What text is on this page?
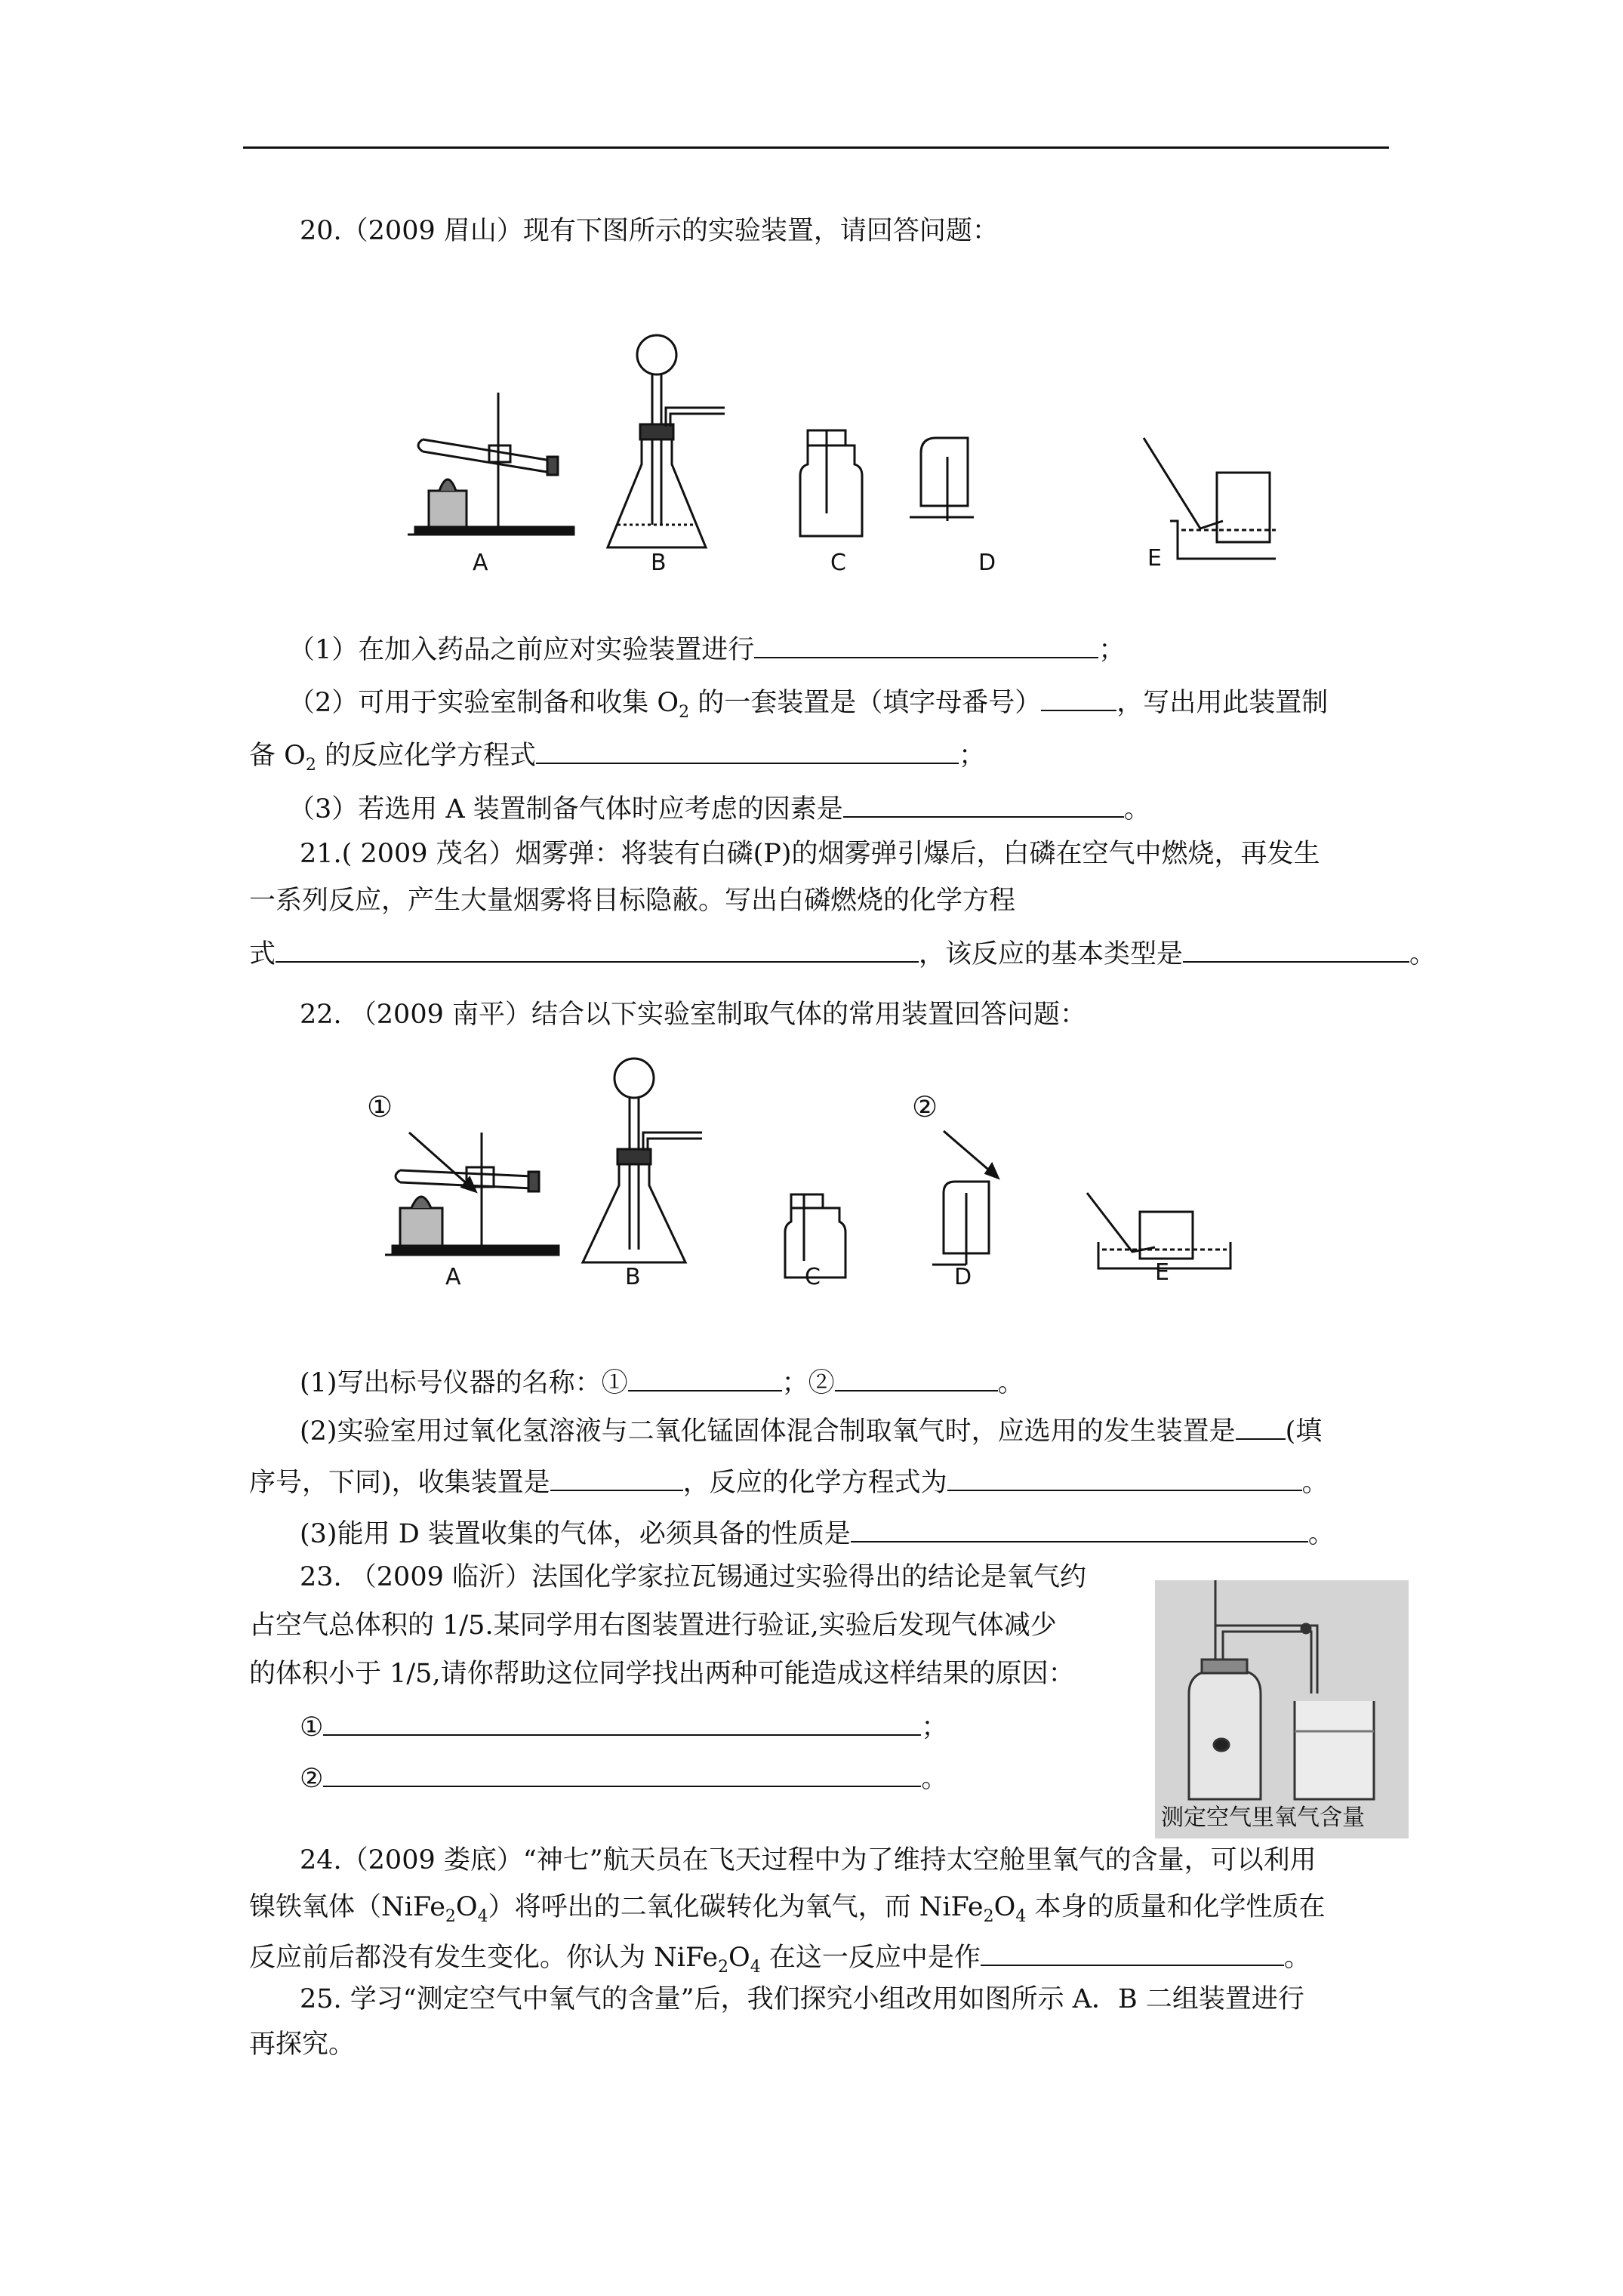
20.（2009 眉山）现有下图所示的实验装置，请回答问题：
A	B	C	D	E
（1）在加入药品之前应对实验装置进行	；
（2）可用于实验室制备和收集 $O_2$ 的一套装置是（填字母番号）	，写出用此装置制
备 $O_2$ 的反应化学方程式	；
（3）若选用 A 装置制备气体时应考虑的因素是	。
21.( 2009 茂名）烟雾弹：将装有白磷(P)的烟雾弹引爆后，白磷在空气中燃烧，再发生
一系列反应，产生大量烟雾将目标隐蔽。写出白磷燃烧的化学方程
式	，该反应的基本类型是	。
22. （2009 南平）结合以下实验室制取气体的常用装置回答问题：
①	②
A	B	C	D	E
(1)写出标号仪器的名称：①	；②	。
(2)实验室用过氧化氢溶液与二氧化锰固体混合制取氧气时，应选用的发生装置是 (填
序号，下同)，收集装置是	，反应的化学方程式为	。
(3)能用 D 装置收集的气体，必须具备的性质是	。
23. （2009 临沂）法国化学家拉瓦锡通过实验得出的结论是氧气约
占空气总体积的 1/5.某同学用右图装置进行验证,实验后发现气体减少
的体积小于 1/5,请你帮助这位同学找出两种可能造成这样结果的原因：
①	；
②	。
测定空气里氧气含量
24.（2009 娄底）“神七”航天员在飞天过程中为了维持太空舱里氧气的含量，可以利用
镍铁氧体$(NiFe_2O_4)$将呼出的二氧化碳转化为氧气，而 $NiFe_2O_4$ 本身的质量和化学性质在
反应前后都没有发生变化。你认为 $NiFe_2O_4$ 在这一反应中是作	。
25. 学习“测定空气中氧气的含量”后，我们探究小组改用如图所示 A．B 二组装置进行
再探究。
